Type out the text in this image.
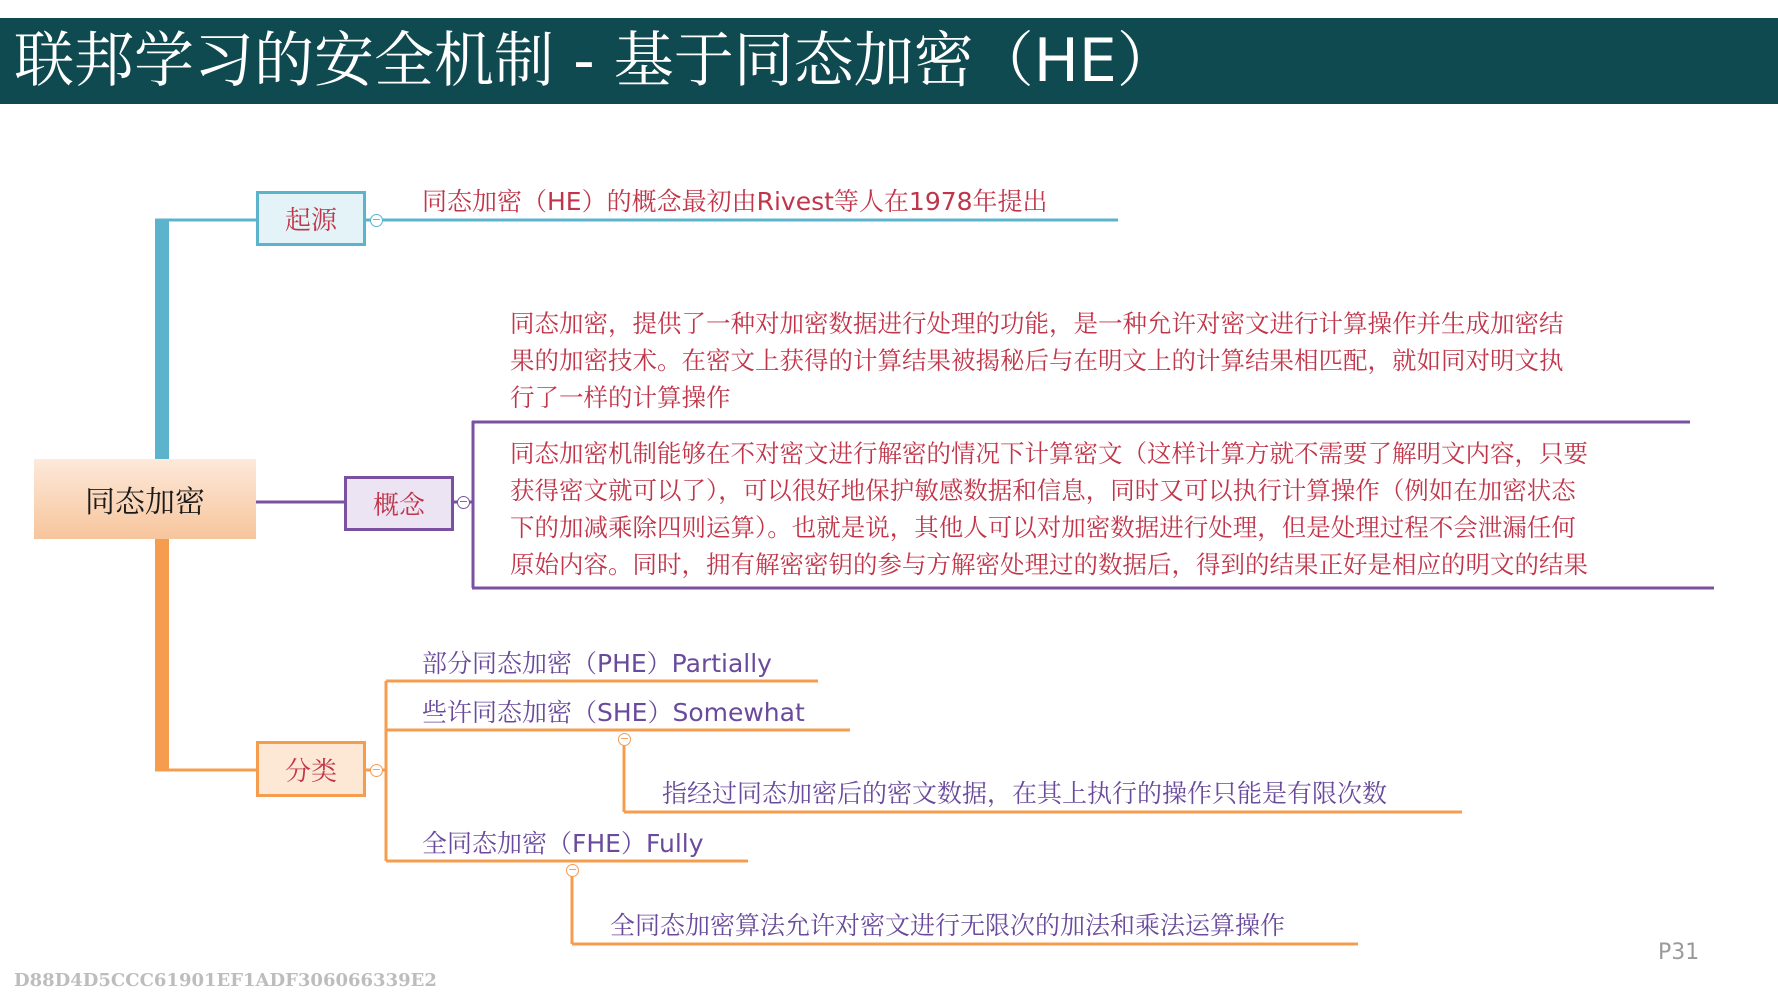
联邦学习的安全机制 - 基于同态加密（HE）
同态加密
起源	−
同态加密（HE）的概念最初由Rivest等人在1978年提出
概念	−
同态加密，提供了一种对加密数据进行处理的功能，是一种允许对密文进行计算操作并生成加密结
果的加密技术。在密文上获得的计算结果被揭秘后与在明文上的计算结果相匹配，就如同对明文执
行了一样的计算操作
同态加密机制能够在不对密文进行解密的情况下计算密文（这样计算方就不需要了解明文内容，只要
获得密文就可以了），可以很好地保护敏感数据和信息，同时又可以执行计算操作（例如在加密状态
下的加减乘除四则运算）。也就是说，其他人可以对加密数据进行处理，但是处理过程不会泄漏任何
原始内容。同时，拥有解密密钥的参与方解密处理过的数据后，得到的结果正好是相应的明文的结果
分类	−
部分同态加密（PHE）Partially
些许同态加密（SHE）Somewhat
−
指经过同态加密后的密文数据，在其上执行的操作只能是有限次数
全同态加密（FHE）Fully
−
全同态加密算法允许对密文进行无限次的加法和乘法运算操作
P31
D88D4D5CCC61901EF1ADF306066339E2
